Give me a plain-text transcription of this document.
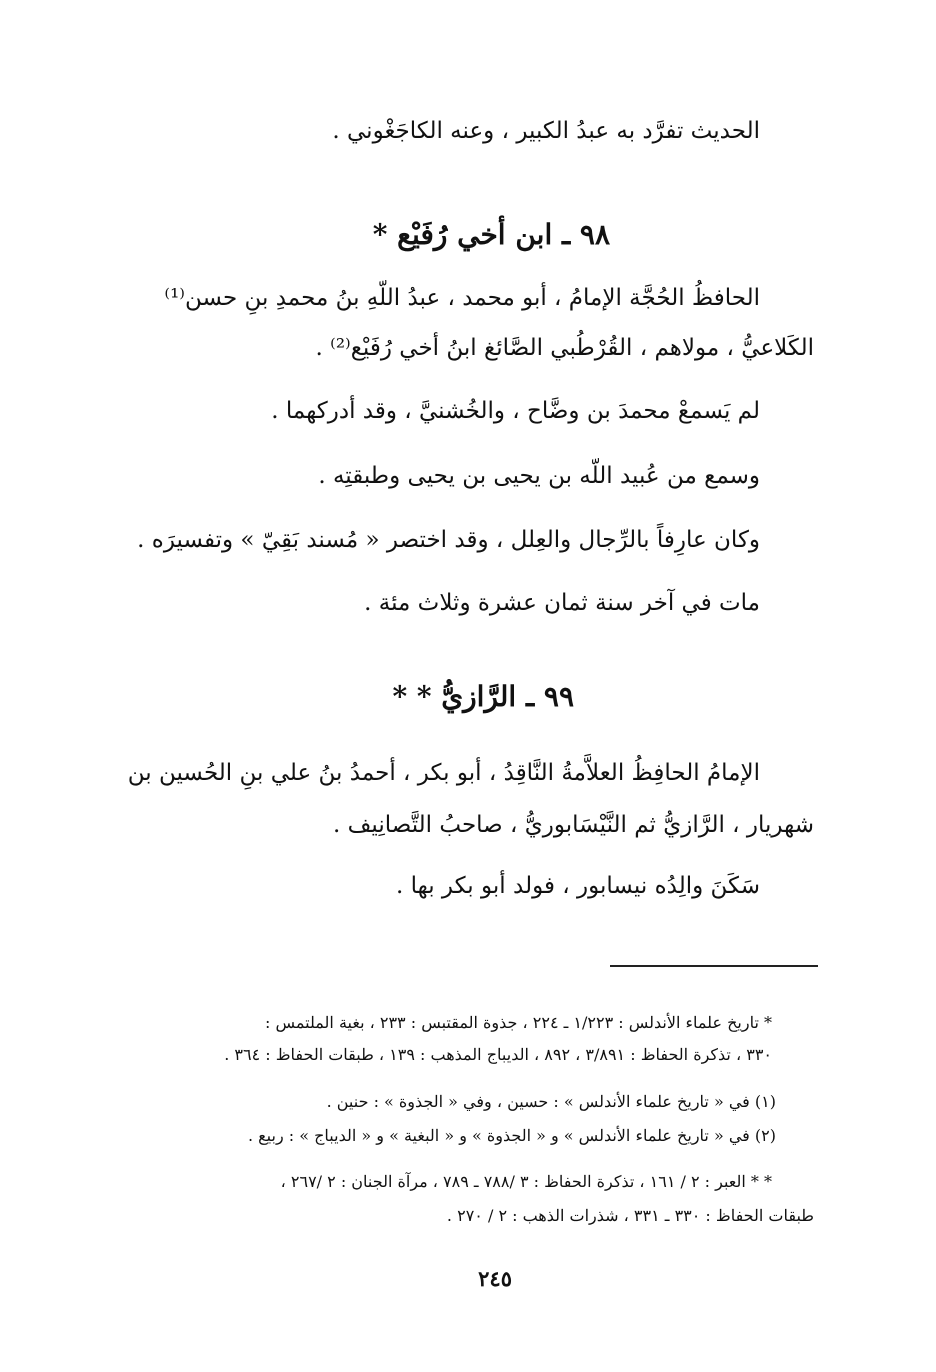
الحديث تفرَّد به عبدُ الكبير ، وعنه الكاجَغْوني .
٩٨ ـ ابن أخي رُفَيْع *
الحافظُ الحُجَّة الإمامُ ، أبو محمد ، عبدُ اللّهِ بنُ محمدِ بنِ حسن⁽¹⁾
الكَلاعيُّ ، مولاهم ، القُرْطُبي الصَّائغ ابنُ أخي رُفَيْع⁽²⁾ .
لم يَسمعْ محمدَ بن وضَّاح ، والخُشنيَّ ، وقد أدركهما .
وسمع من عُبيد اللّه بن يحيى بن يحيى وطبقتِه .
وكان عارِفاً بالرِّجال والعِلل ، وقد اختصر « مُسند بَقِيّ » وتفسيرَه .
مات في آخر سنة ثمان عشرة وثلاث مئة .
٩٩ ـ الرَّازيُّ * *
الإمامُ الحافِظُ العلاَّمةُ النَّاقِدُ ، أبو بكر ، أحمدُ بنُ علي بنِ الحُسين بن
شهريار ، الرَّازيُّ ثم النَّيْسَابوريُّ ، صاحبُ التَّصانِيف .
سَكَنَ والِدُه نيسابور ، فولد أبو بكر بها .
* تاريخ علماء الأندلس : ١/٢٢٣ ـ ٢٢٤ ، جذوة المقتبس : ٢٣٣ ، بغية الملتمس :
٣٣٠ ، تذكرة الحفاظ : ٣/٨٩١ ، ٨٩٢ ، الديباج المذهب : ١٣٩ ، طبقات الحفاظ : ٣٦٤ .
(١) في « تاريخ علماء الأندلس » : حسين ، وفي « الجذوة » : حنين .
(٢) في « تاريخ علماء الأندلس » و « الجذوة » و « البغية » و « الديباج » : ربيع .
* * العبر : ٢ / ١٦١ ، تذكرة الحفاظ : ٣ /٧٨٨ ـ ٧٨٩ ، مرآة الجنان : ٢ /٢٦٧ ،
طبقات الحفاظ : ٣٣٠ ـ ٣٣١ ، شذرات الذهب : ٢ / ٢٧٠ .
٢٤٥
